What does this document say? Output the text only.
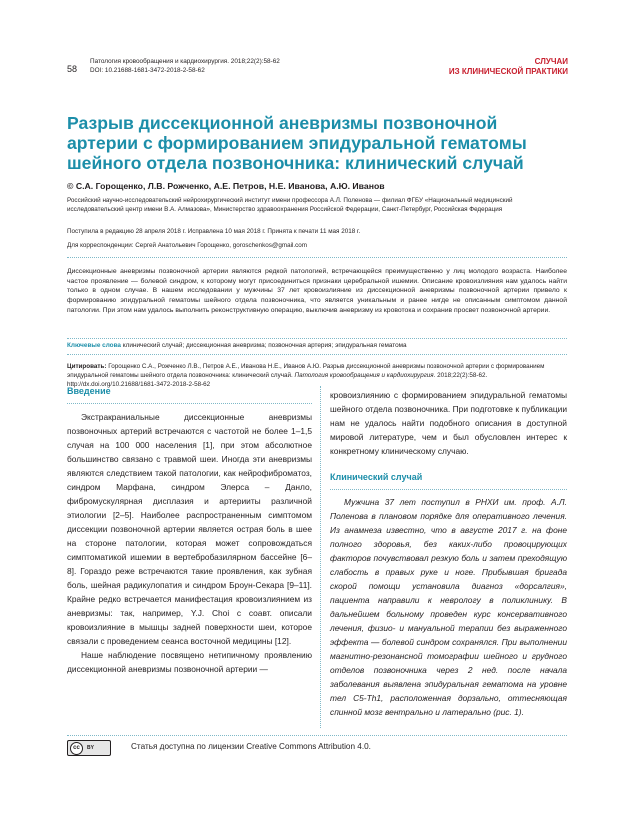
58
Патология кровообращения и кардиохирургия. 2018;22(2):58-62
DOI: 10.21688-1681-3472-2018-2-58-62
СЛУЧАИ
ИЗ КЛИНИЧЕСКОЙ ПРАКТИКИ
Разрыв диссекционной аневризмы позвоночной артерии с формированием эпидуральной гематомы шейного отдела позвоночника: клинический случай
© С.А. Горощенко, Л.В. Рожченко, А.Е. Петров, Н.Е. Иванова, А.Ю. Иванов
Российский научно-исследовательский нейрохирургический институт имени профессора А.Л. Поленова — филиал ФГБУ «Национальный медицинский исследовательский центр имени В.А. Алмазова», Министерство здравоохранения Российской Федерации, Санкт-Петербург, Российская Федерация
Поступила в редакцию 28 апреля 2018 г. Исправлена 10 мая 2018 г. Принята к печати 11 мая 2018 г.
Для корреспонденции: Сергей Анатольевич Горощенко, goroschenkos@gmail.com
Диссекционные аневризмы позвоночной артерии являются редкой патологией, встречающейся преимущественно у лиц молодого возраста. Наиболее частое проявление — болевой синдром, к которому могут присоединиться признаки церебральной ишемии. Описание кровоизлияния нам удалось найти только в одном случае. В нашем исследовании у мужчины 37 лет кровоизлияние из диссекционной аневризмы позвоночной артерии привело к формированию эпидуральной гематомы шейного отдела позвоночника, что является уникальным и ранее нигде не описанным симптомом данной патологии. При этом нам удалось выполнить реконструктивную операцию, выключив аневризму из кровотока и сохранив просвет позвоночной артерии.
Ключевые слова клинический случай; диссекционная аневризма; позвоночная артерия; эпидуральная гематома
Цитировать: Горощенко С.А., Рожченко Л.В., Петров А.Е., Иванова Н.Е., Иванов А.Ю. Разрыв диссекционной аневризмы позвоночной артерии с формированием эпидуральной гематомы шейного отдела позвоночника: клинический случай. Патология кровообращения и кардиохирургия. 2018;22(2):58-62. http://dx.doi.org/10.21688/1681-3472-2018-2-58-62
Введение

Экстракраниальные диссекционные аневризмы позвоночных артерий встречаются с частотой не более 1–1,5 случая на 100 000 населения [1], при этом абсолютное большинство связано с травмой шеи. Иногда эти аневризмы являются следствием такой патологии, как нейрофиброматоз, синдром Марфана, синдром Элерса – Данло, фибромускулярная дисплазия и артерииты различной этиологии [2–5]. Наиболее распространенным симптомом диссекции позвоночной артерии является острая боль в шее на стороне патологии, которая может сопровождаться симптоматикой ишемии в вертебробазилярном бассейне [6–8]. Гораздо реже встречаются такие проявления, как зубная боль, шейная радикулопатия и синдром Броун-Секара [9–11]. Крайне редко встречается манифестация кровоизлиянием из аневризмы: так, например, Y.J. Choi с соавт. описали кровоизлияние в мышцы задней поверхности шеи, которое связали с проведением сеанса восточной медицины [12].

Наше наблюдение посвящено нетипичному проявлению диссекционной аневризмы позвоночной артерии —

кровоизлиянию с формированием эпидуральной гематомы шейного отдела позвоночника. При подготовке к публикации нам не удалось найти подобного описания в доступной мировой литературе, чем и был обусловлен интерес к конкретному клиническому случаю.
Клинический случай

Мужчина 37 лет поступил в РНХИ им. проф. А.Л. Поленова в плановом порядке для оперативного лечения. Из анамнеза известно, что в августе 2017 г. на фоне полного здоровья, без каких-либо провоцирующих факторов почувствовал резкую боль и затем преходящую слабость в правых руке и ноге. Прибывшая бригада скорой помощи установила диагноз «дорсалгия», пациента направили к неврологу в поликлинику. В дальнейшем больному проведен курс консервативного лечения, физио- и мануальной терапии без выраженного эффекта — болевой синдром сохранялся. При выполнении магнитно-резонансной томографии шейного и грудного отделов позвоночника через 2 нед. после начала заболевания выявлена эпидуральная гематома на уровне тел C5-Th1, расположенная дорзально, оттесняющая спинной мозг вентрально и латерально (рис. 1).

cc	BY	Статья доступна по лицензии Creative Commons Attribution 4.0.
